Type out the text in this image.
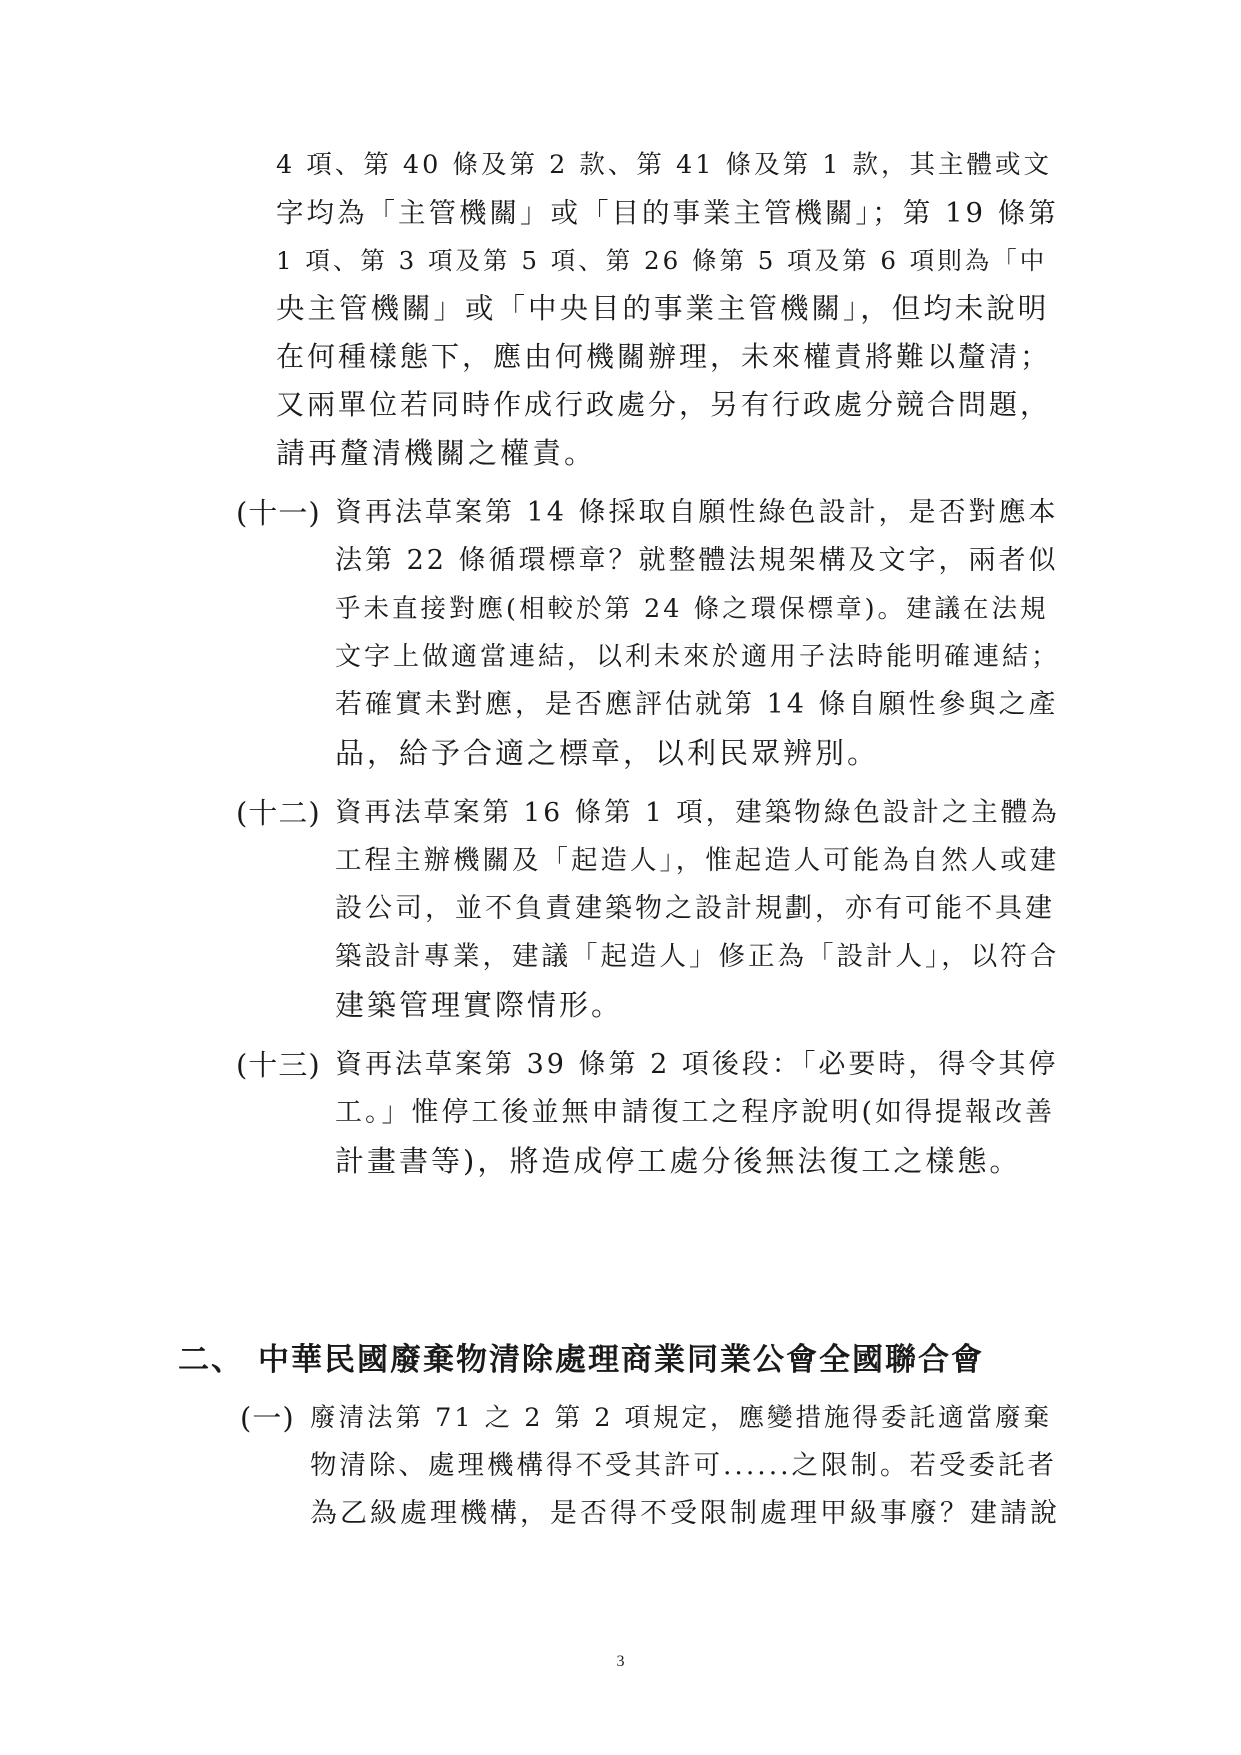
4 項、第 40 條及第 2 款、第 41 條及第 1 款，其主體或文
字均為「主管機關」或「目的事業主管機關」；第 19 條第
1 項、第 3 項及第 5 項、第 26 條第 5 項及第 6 項則為「中
央主管機關」或「中央目的事業主管機關」，但均未說明
在何種樣態下，應由何機關辦理，未來權責將難以釐清；
又兩單位若同時作成行政處分，另有行政處分競合問題，
請再釐清機關之權責。
(十一) 資再法草案第 14 條採取自願性綠色設計，是否對應本
法第 22 條循環標章？就整體法規架構及文字，兩者似
乎未直接對應(相較於第 24 條之環保標章)。建議在法規
文字上做適當連結，以利未來於適用子法時能明確連結；
若確實未對應，是否應評估就第 14 條自願性參與之產
品，給予合適之標章，以利民眾辨別。
(十二) 資再法草案第 16 條第 1 項，建築物綠色設計之主體為
工程主辦機關及「起造人」，惟起造人可能為自然人或建
設公司，並不負責建築物之設計規劃，亦有可能不具建
築設計專業，建議「起造人」修正為「設計人」，以符合
建築管理實際情形。
(十三) 資再法草案第 39 條第 2 項後段：「必要時，得令其停
工。」惟停工後並無申請復工之程序說明(如得提報改善
計畫書等)，將造成停工處分後無法復工之樣態。
二、 中華民國廢棄物清除處理商業同業公會全國聯合會
(一) 廢清法第 71 之 2 第 2 項規定，應變措施得委託適當廢棄
物清除、處理機構得不受其許可......之限制。若受委託者
為乙級處理機構，是否得不受限制處理甲級事廢？建請說
3
